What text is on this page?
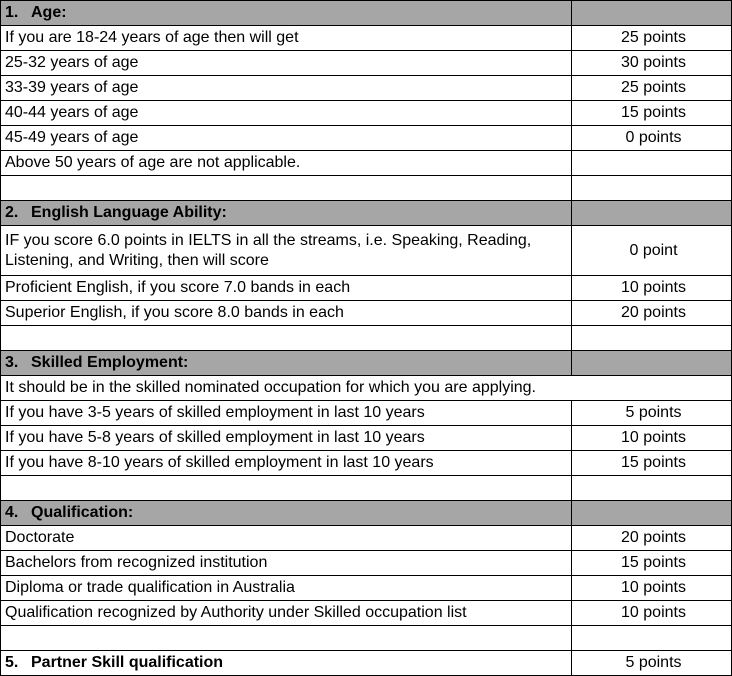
1. Age:	
If you are 18-24 years of age then will get	25 points
25-32 years of age	30 points
33-39 years of age	25 points
40-44 years of age	15 points
45-49 years of age	0 points
Above 50 years of age are not applicable.	

2. English Language Ability:	
IF you score 6.0 points in IELTS in all the streams, i.e. Speaking, Reading, Listening, and Writing, then will score	0 point
Proficient English, if you score 7.0 bands in each	10 points
Superior English, if you score 8.0 bands in each	20 points

3. Skilled Employment:	
It should be in the skilled nominated occupation for which you are applying.	
If you have 3-5 years of skilled employment in last 10 years	5 points
If you have 5-8 years of skilled employment in last 10 years	10 points
If you have 8-10 years of skilled employment in last 10 years	15 points

4. Qualification:	
Doctorate	20 points
Bachelors from recognized institution	15 points
Diploma or trade qualification in Australia	10 points
Qualification recognized by Authority under Skilled occupation list	10 points

5. Partner Skill qualification	5 points
